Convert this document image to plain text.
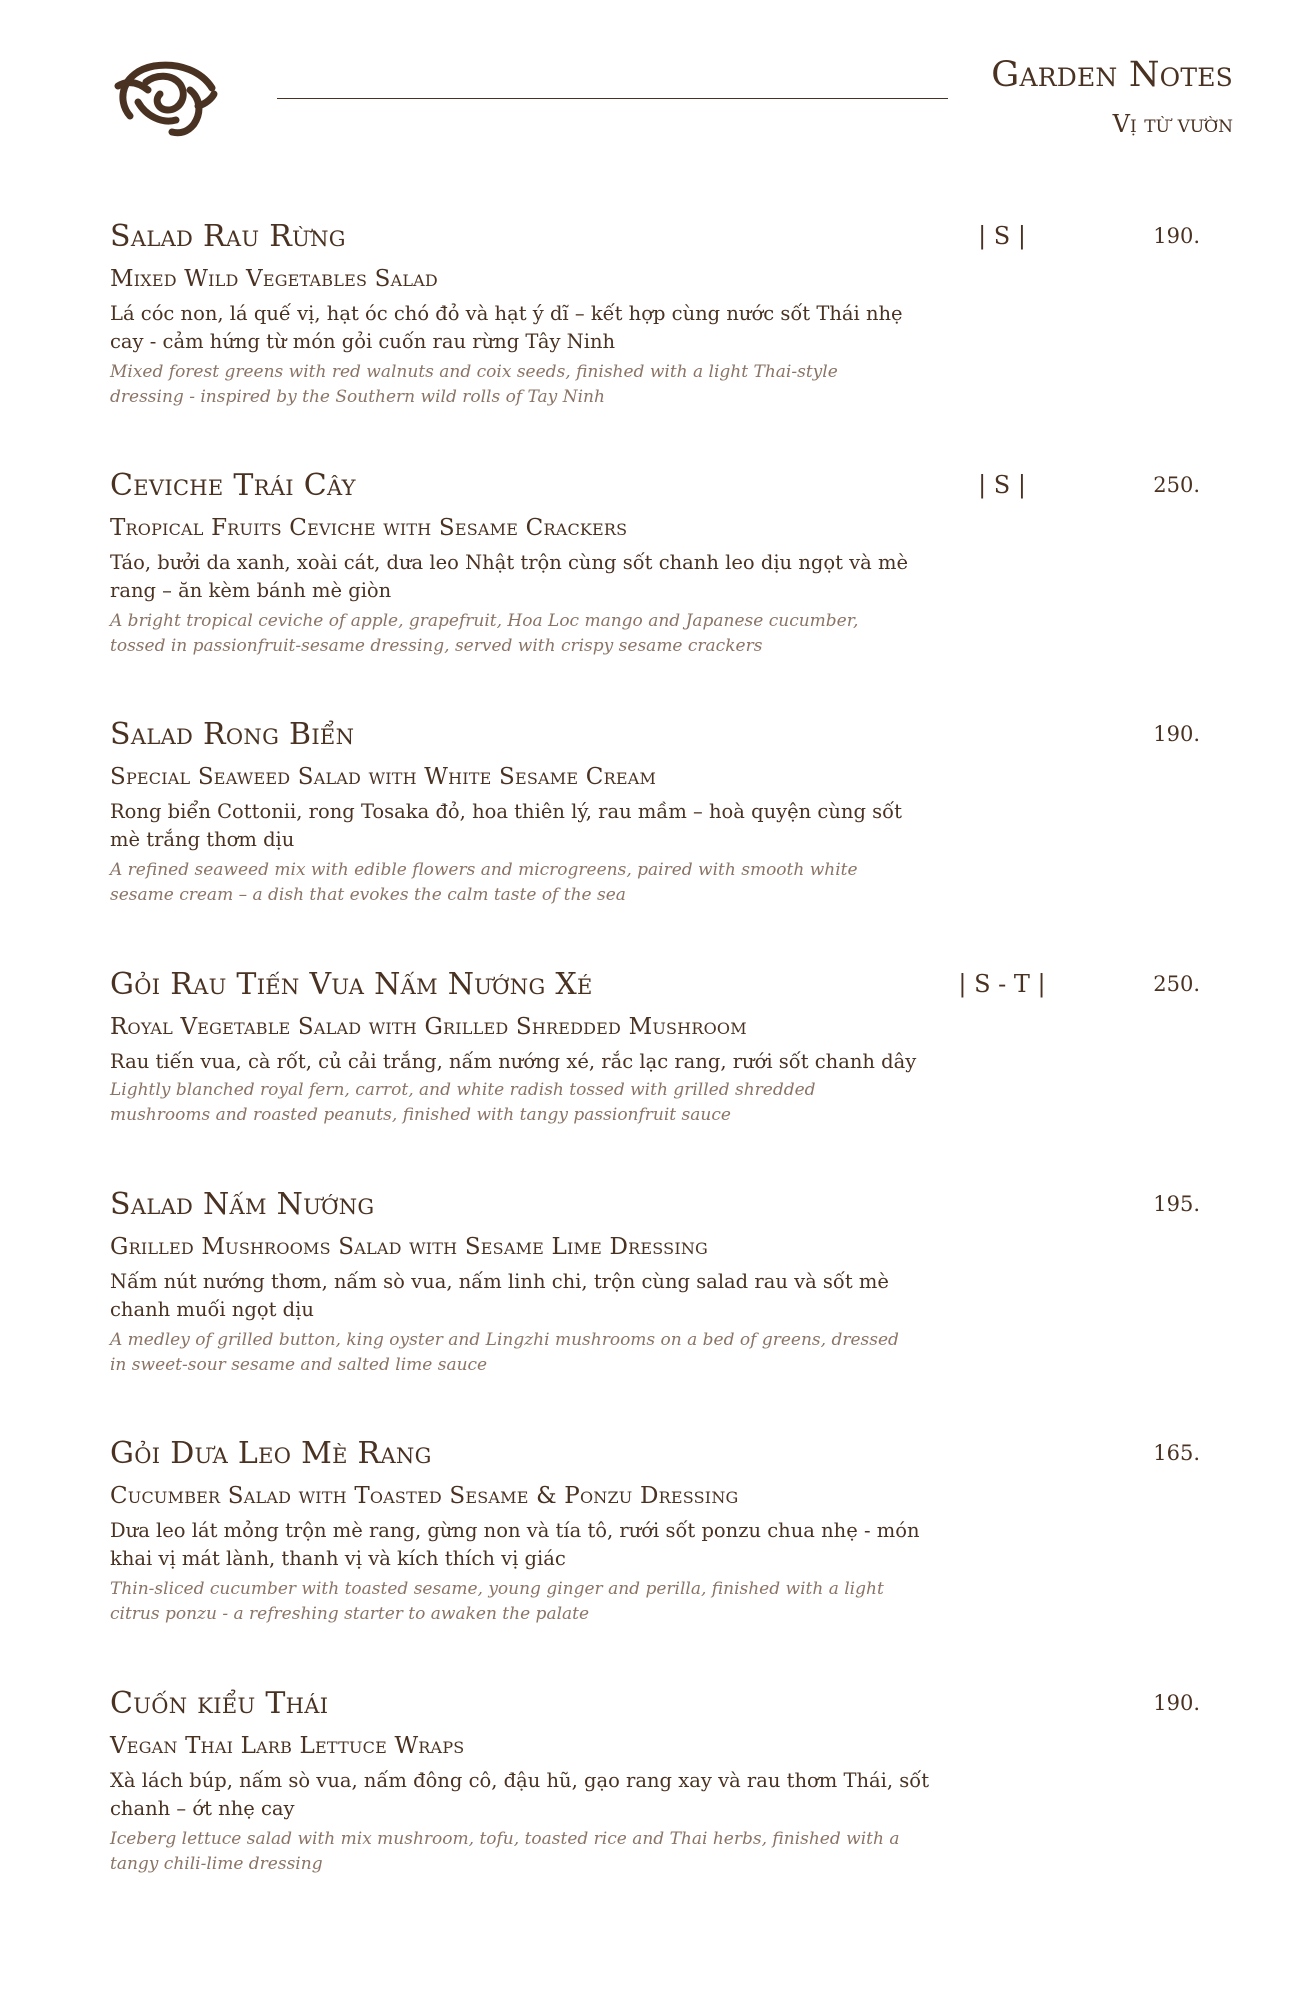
Garden Notes
Vị từ vườn
Salad Rau Rừng
Mixed Wild Vegetables Salad
Lá cóc non, lá quế vị, hạt óc chó đỏ và hạt ý dĩ – kết hợp cùng nước sốt Thái nhẹ cay - cảm hứng từ món gỏi cuốn rau rừng Tây Ninh
Mixed forest greens with red walnuts and coix seeds, finished with a light Thai-style dressing - inspired by the Southern wild rolls of Tay Ninh
| S |	190.
Ceviche Trái Cây
Tropical Fruits Ceviche with Sesame Crackers
Táo, bưởi da xanh, xoài cát, dưa leo Nhật trộn cùng sốt chanh leo dịu ngọt và mè rang – ăn kèm bánh mè giòn
A bright tropical ceviche of apple, grapefruit, Hoa Loc mango and Japanese cucumber, tossed in passionfruit-sesame dressing, served with crispy sesame crackers
| S |	250.
Salad Rong Biển
Special Seaweed Salad with White Sesame Cream
Rong biển Cottonii, rong Tosaka đỏ, hoa thiên lý, rau mầm – hoà quyện cùng sốt mè trắng thơm dịu
A refined seaweed mix with edible flowers and microgreens, paired with smooth white sesame cream – a dish that evokes the calm taste of the sea
190.
Gỏi Rau Tiến Vua Nấm Nướng Xé
Royal Vegetable Salad with Grilled Shredded Mushroom
Rau tiến vua, cà rốt, củ cải trắng, nấm nướng xé, rắc lạc rang, rưới sốt chanh dây
Lightly blanched royal fern, carrot, and white radish tossed with grilled shredded mushrooms and roasted peanuts, finished with tangy passionfruit sauce
| S - T |	250.
Salad Nấm Nướng
Grilled Mushrooms Salad with Sesame Lime Dressing
Nấm nút nướng thơm, nấm sò vua, nấm linh chi, trộn cùng salad rau và sốt mè chanh muối ngọt dịu
A medley of grilled button, king oyster and Lingzhi mushrooms on a bed of greens, dressed in sweet-sour sesame and salted lime sauce
195.
Gỏi Dưa Leo Mè Rang
Cucumber Salad with Toasted Sesame & Ponzu Dressing
Dưa leo lát mỏng trộn mè rang, gừng non và tía tô, rưới sốt ponzu chua nhẹ - món khai vị mát lành, thanh vị và kích thích vị giác
Thin-sliced cucumber with toasted sesame, young ginger and perilla, finished with a light citrus ponzu - a refreshing starter to awaken the palate
165.
Cuốn kiểu Thái
Vegan Thai Larb Lettuce Wraps
Xà lách búp, nấm sò vua, nấm đông cô, đậu hũ, gạo rang xay và rau thơm Thái, sốt chanh – ớt nhẹ cay
Iceberg lettuce salad with mix mushroom, tofu, toasted rice and Thai herbs, finished with a tangy chili-lime dressing
190.
